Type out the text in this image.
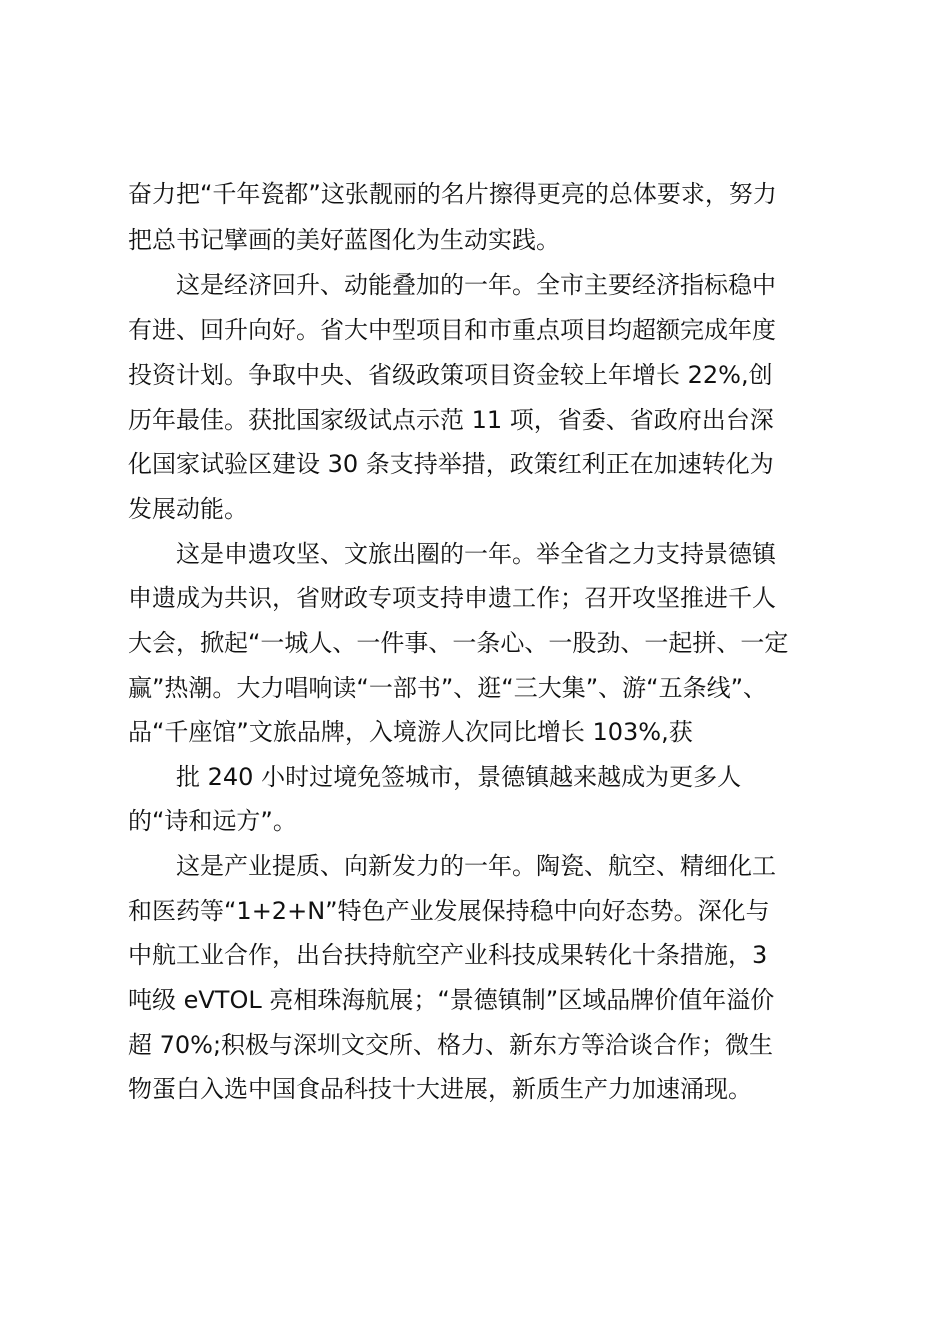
奋力把“千年瓷都”这张靓丽的名片擦得更亮的总体要求，努力

把总书记擘画的美好蓝图化为生动实践。

这是经济回升、动能叠加的一年。全市主要经济指标稳中

有进、回升向好。省大中型项目和市重点项目均超额完成年度

投资计划。争取中央、省级政策项目资金较上年增长 22%,创

历年最佳。获批国家级试点示范 11 项，省委、省政府出台深

化国家试验区建设 30 条支持举措，政策红利正在加速转化为

发展动能。

这是申遗攻坚、文旅出圈的一年。举全省之力支持景德镇

申遗成为共识，省财政专项支持申遗工作；召开攻坚推进千人

大会，掀起“一城人、一件事、一条心、一股劲、一起拼、一定

赢”热潮。大力唱响读“一部书”、逛“三大集”、游“五条线”、

品“千座馆”文旅品牌，入境游人次同比增长 103%,获

批 240 小时过境免签城市，景德镇越来越成为更多人

的“诗和远方”。

这是产业提质、向新发力的一年。陶瓷、航空、精细化工

和医药等“1+2+N”特色产业发展保持稳中向好态势。深化与

中航工业合作，出台扶持航空产业科技成果转化十条措施，3

吨级 eVTOL 亮相珠海航展；“景德镇制”区域品牌价值年溢价

超 70%;积极与深圳文交所、格力、新东方等洽谈合作；微生

物蛋白入选中国食品科技十大进展，新质生产力加速涌现。
